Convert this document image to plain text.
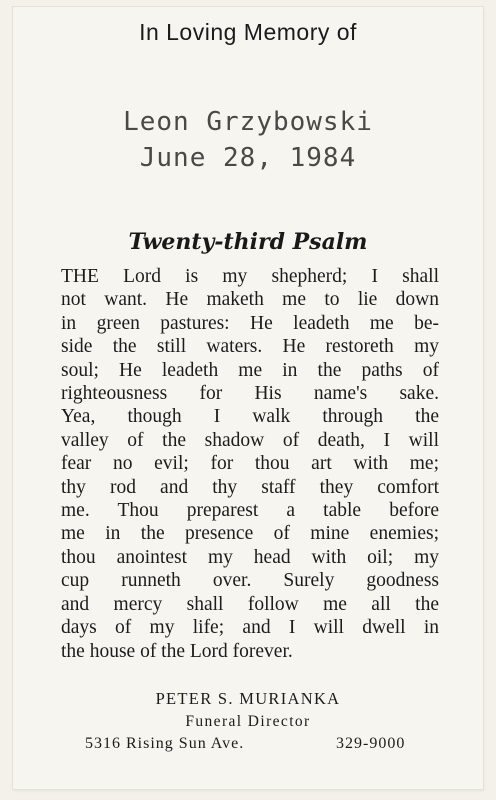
In Loving Memory of
Leon Grzybowski
June 28, 1984
Twenty-third Psalm
THE Lord is my shepherd; I shall
not want. He maketh me to lie down
in green pastures: He leadeth me be-
side the still waters. He restoreth my
soul; He leadeth me in the paths of
righteousness for His name's sake.
Yea, though I walk through the
valley of the shadow of death, I will
fear no evil; for thou art with me;
thy rod and thy staff they comfort
me. Thou preparest a table before
me in the presence of mine enemies;
thou anointest my head with oil; my
cup runneth over. Surely goodness
and mercy shall follow me all the
days of my life; and I will dwell in
the house of the Lord forever.
PETER S. MURIANKA
Funeral Director
5316 Rising Sun Ave.	329-9000
